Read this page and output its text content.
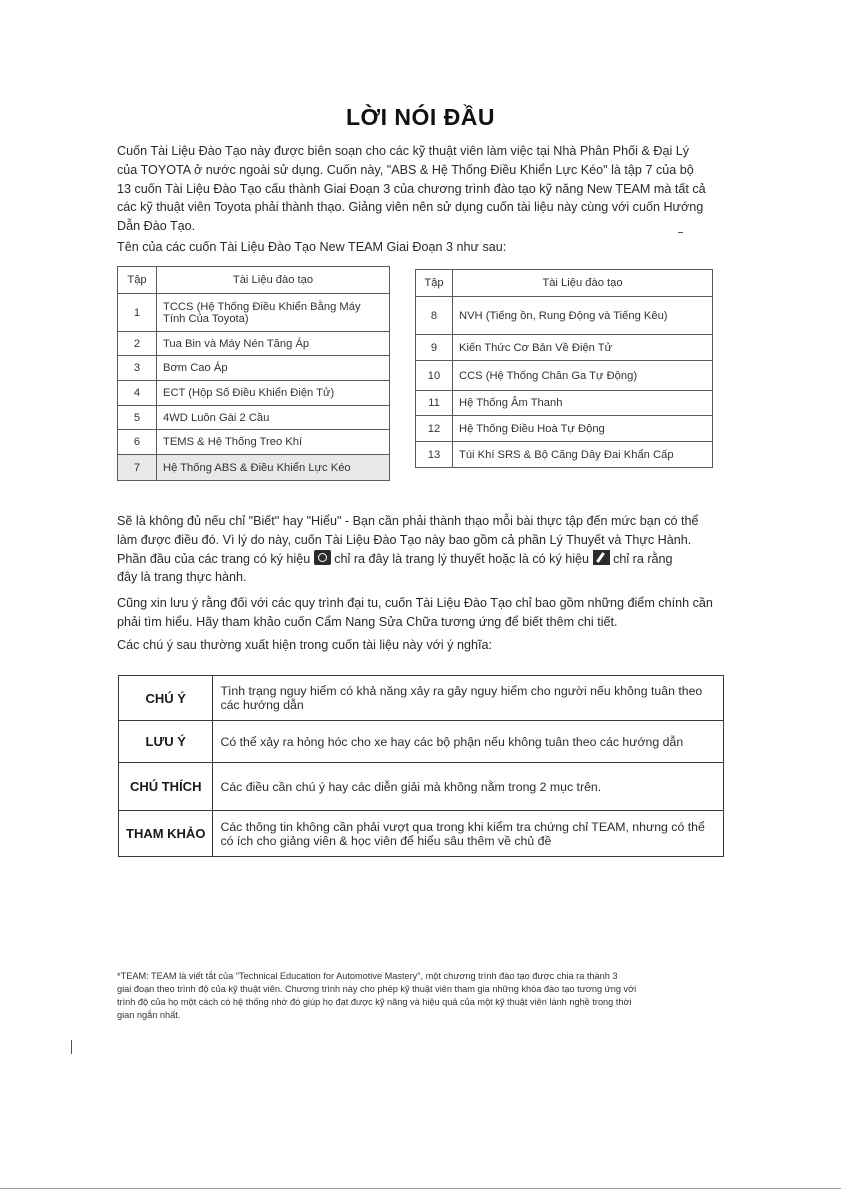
LỜI NÓI ĐẦU
Cuốn Tài Liệu Đào Tạo này được biên soạn cho các kỹ thuật viên làm việc tại Nhà Phân Phối & Đại Lý
của TOYOTA ở nước ngoài sử dụng. Cuốn này, "ABS & Hệ Thống Điều Khiển Lực Kéo" là tập 7 của bộ
13 cuốn Tài Liệu Đào Tạo cấu thành Giai Đoạn 3 của chương trình đào tạo kỹ năng New TEAM mà tất cả
các kỹ thuật viên Toyota phải thành thạo. Giảng viên nên sử dụng cuốn tài liệu này cùng với cuốn Hướng
Dẫn Đào Tạo.
Tên của các cuốn Tài Liệu Đào Tạo New TEAM Giai Đoạn 3 như sau:
Tập	Tài Liệu đào tạo
1	TCCS (Hệ Thống Điều Khiển Bằng Máy Tính Của Toyota)
2	Tua Bin và Máy Nén Tăng Áp
3	Bơm Cao Áp
4	ECT (Hộp Số Điều Khiển Điện Tử)
5	4WD Luôn Gài 2 Cầu
6	TEMS & Hệ Thống Treo Khí
7	Hệ Thống ABS & Điều Khiển Lực Kéo
Tập	Tài Liệu đào tạo
8	NVH (Tiếng ồn, Rung Động và Tiếng Kêu)
9	Kiến Thức Cơ Bản Về Điện Tử
10	CCS (Hệ Thống Chân Ga Tự Động)
11	Hệ Thống Âm Thanh
12	Hệ Thống Điều Hoà Tự Động
13	Túi Khí SRS & Bộ Căng Dây Đai Khẩn Cấp
Sẽ là không đủ nếu chỉ "Biết" hay "Hiểu" - Bạn cần phải thành thạo mỗi bài thực tập đến mức bạn có thể
làm được điều đó. Vì lý do này, cuốn Tài Liệu Đào Tạo này bao gồm cả phần Lý Thuyết và Thực Hành.
Phần đầu của các trang có ký hiệu chỉ ra đây là trang lý thuyết hoặc là có ký hiệu chỉ ra rằng
đây là trang thực hành.
Cũng xin lưu ý rằng đối với các quy trình đại tu, cuốn Tài Liệu Đào Tạo chỉ bao gồm những điểm chính cần
phải tìm hiểu. Hãy tham khảo cuốn Cẩm Nang Sửa Chữa tương ứng để biết thêm chi tiết.
Các chú ý sau thường xuất hiện trong cuốn tài liệu này với ý nghĩa:
CHÚ Ý	Tình trạng nguy hiểm có khả năng xảy ra gây nguy hiểm cho người nếu không tuân theo các hướng dẫn
LƯU Ý	Có thể xảy ra hỏng hóc cho xe hay các bộ phận nếu không tuân theo các hướng dẫn
CHÚ THÍCH	Các điều cần chú ý hay các diễn giải mà không nằm trong 2 mục trên.
THAM KHẢO	Các thông tin không cần phải vượt qua trong khi kiểm tra chứng chỉ TEAM, nhưng có thể có ích cho giảng viên & học viên để hiểu sâu thêm về chủ đề
*TEAM: TEAM là viết tắt của "Technical Education for Automotive Mastery", một chương trình đào tạo được chia ra thành 3
giai đoạn theo trình độ của kỹ thuật viên. Chương trình này cho phép kỹ thuật viên tham gia những khóa đào tạo tương ứng với
trình độ của họ một cách có hệ thống nhờ đó giúp họ đạt được kỹ năng và hiệu quả của một kỹ thuật viên lành nghề trong thời
gian ngắn nhất.
